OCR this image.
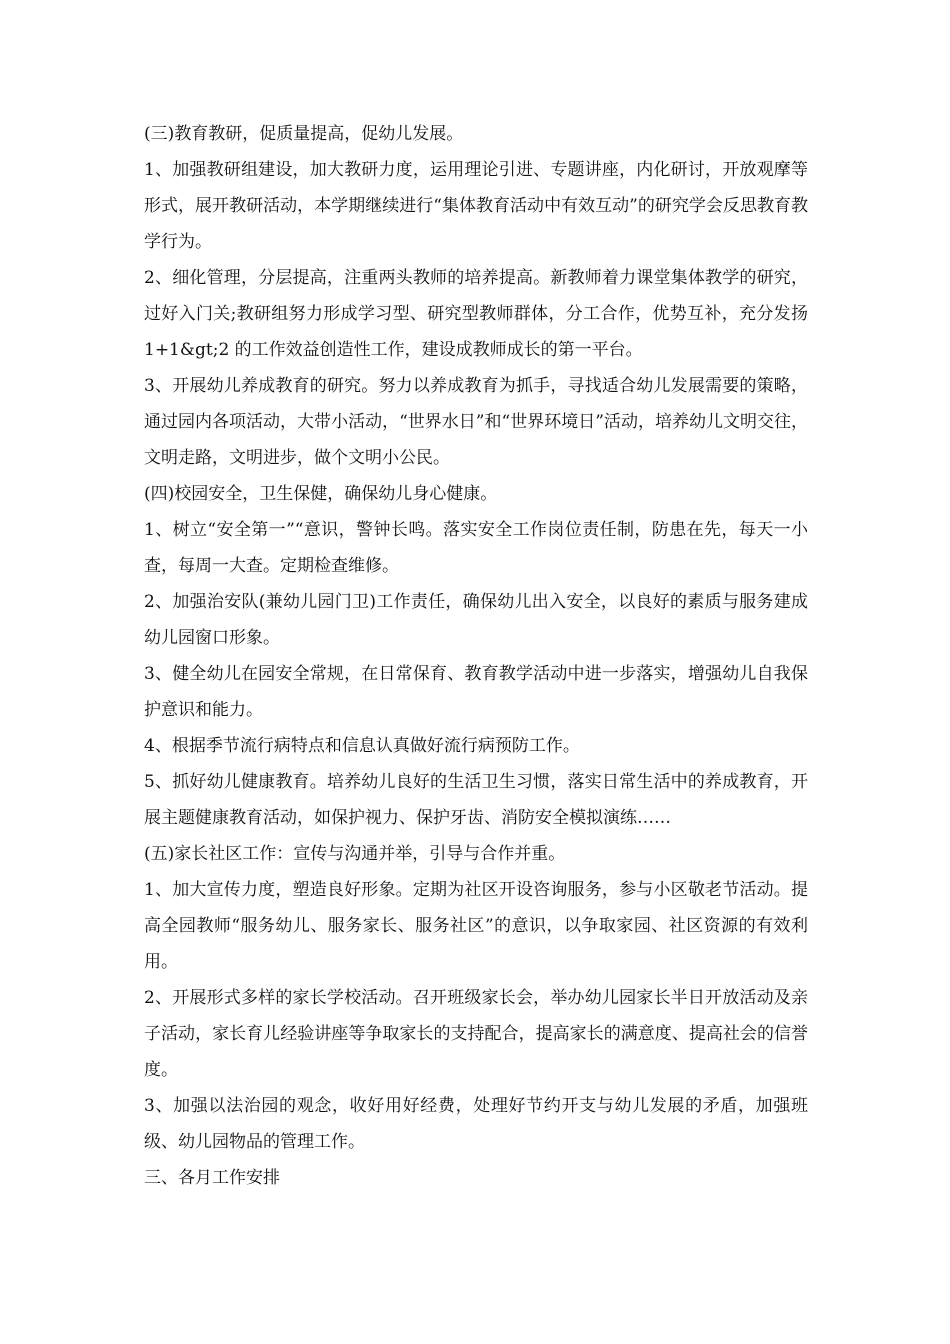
(三)教育教研，促质量提高，促幼儿发展。

1、加强教研组建设，加大教研力度，运用理论引进、专题讲座，内化研讨，开放观摩等形式，展开教研活动，本学期继续进行“集体教育活动中有效互动”的研究学会反思教育教学行为。

2、细化管理，分层提高，注重两头教师的培养提高。新教师着力课堂集体教学的研究，过好入门关;教研组努力形成学习型、研究型教师群体，分工合作，优势互补，充分发扬 1+1&gt;2 的工作效益创造性工作，建设成教师成长的第一平台。

3、开展幼儿养成教育的研究。努力以养成教育为抓手，寻找适合幼儿发展需要的策略，通过园内各项活动，大带小活动，“世界水日”和“世界环境日”活动，培养幼儿文明交往，文明走路，文明进步，做个文明小公民。

(四)校园安全，卫生保健，确保幼儿身心健康。

1、树立“安全第一”“意识，警钟长鸣。落实安全工作岗位责任制，防患在先，每天一小查，每周一大查。定期检查维修。

2、加强治安队(兼幼儿园门卫)工作责任，确保幼儿出入安全，以良好的素质与服务建成幼儿园窗口形象。

3、健全幼儿在园安全常规，在日常保育、教育教学活动中进一步落实，增强幼儿自我保护意识和能力。

4、根据季节流行病特点和信息认真做好流行病预防工作。

5、抓好幼儿健康教育。培养幼儿良好的生活卫生习惯，落实日常生活中的养成教育，开展主题健康教育活动，如保护视力、保护牙齿、消防安全模拟演练……

(五)家长社区工作：宣传与沟通并举，引导与合作并重。

1、加大宣传力度，塑造良好形象。定期为社区开设咨询服务，参与小区敬老节活动。提高全园教师“服务幼儿、服务家长、服务社区”的意识，以争取家园、社区资源的有效利用。

2、开展形式多样的家长学校活动。召开班级家长会，举办幼儿园家长半日开放活动及亲子活动，家长育儿经验讲座等争取家长的支持配合，提高家长的满意度、提高社会的信誉度。

3、加强以法治园的观念，收好用好经费，处理好节约开支与幼儿发展的矛盾，加强班级、幼儿园物品的管理工作。

三、各月工作安排
